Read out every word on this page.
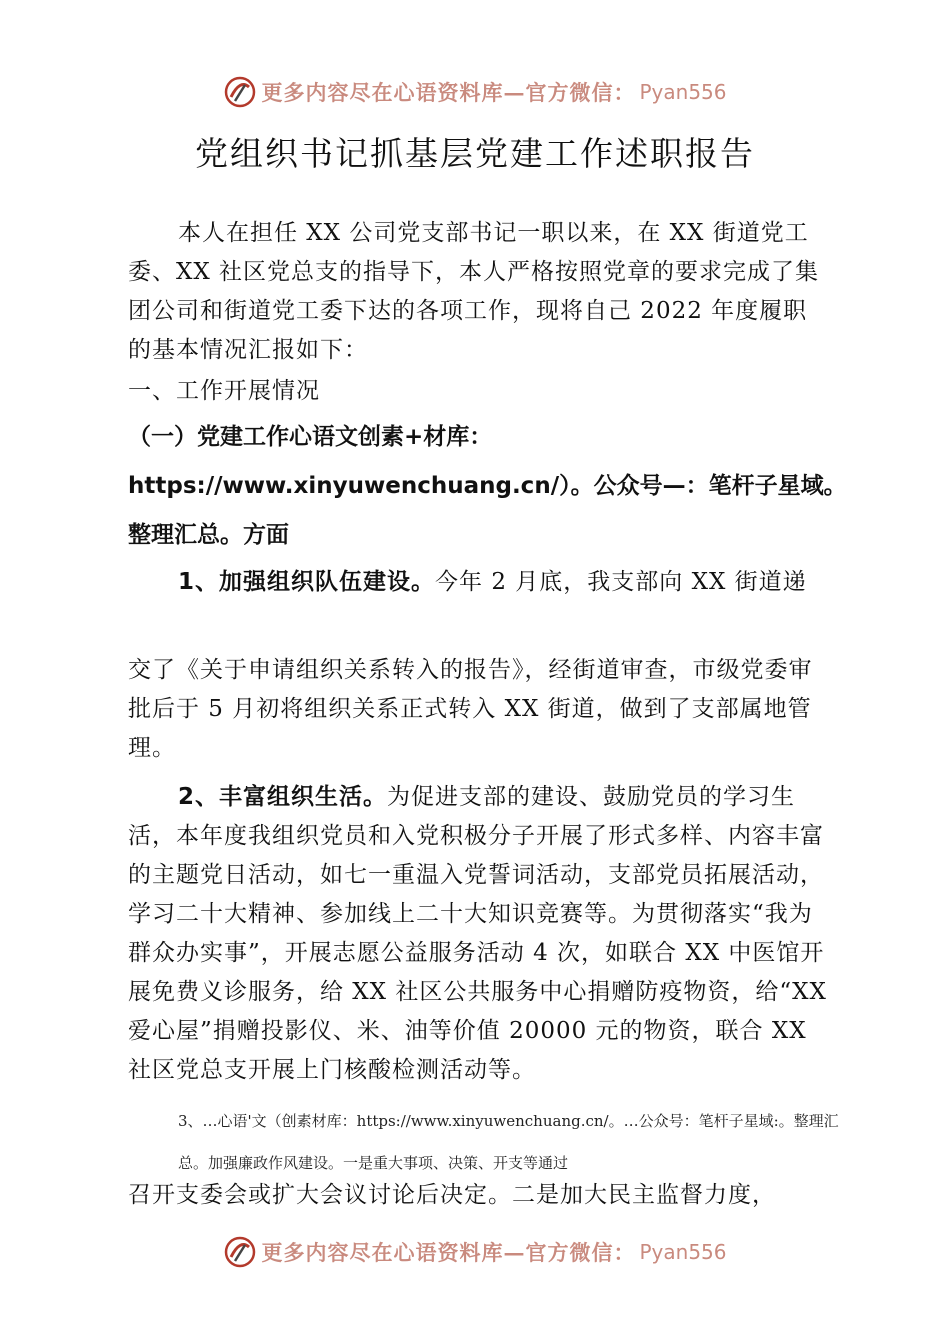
更多内容尽在心语资料库—官方微信： Pyan556
党组织书记抓基层党建工作述职报告

本人在担任 XX 公司党支部书记一职以来，在 XX 街道党工委、XX 社区党总支的指导下，本人严格按照党章的要求完成了集团公司和街道党工委下达的各项工作，现将自己 2022 年度履职的基本情况汇报如下：

一、工作开展情况

（一）党建工作心语文创素+材库：https://www.xinyuwenchuang.cn/）。公众号—：笔杆子星域。整理汇总。方面

1、加强组织队伍建设。今年 2 月底，我支部向 XX 街道递

交了《关于申请组织关系转入的报告》，经街道审查，市级党委审批后于 5 月初将组织关系正式转入 XX 街道，做到了支部属地管理。

2、丰富组织生活。为促进支部的建设、鼓励党员的学习生活，本年度我组织党员和入党积极分子开展了形式多样、内容丰富的主题党日活动，如七一重温入党誓词活动，支部党员拓展活动，学习二十大精神、参加线上二十大知识竞赛等。为贯彻落实“我为群众办实事”，开展志愿公益服务活动 4 次，如联合 XX 中医馆开展免费义诊服务，给 XX 社区公共服务中心捐赠防疫物资，给“XX 爱心屋”捐赠投影仪、米、油等价值 20000 元的物资，联合 XX 社区党总支开展上门核酸检测活动等。

3、…心语'文（创素材库：https://www.xinyuwenchuang.cn/。…公众号：笔杆子星域:。整理汇总。加强廉政作风建设。一是重大事项、决策、开支等通过

召开支委会或扩大会议讨论后决定。二是加大民主监督力度，

更多内容尽在心语资料库—官方微信： Pyan556
